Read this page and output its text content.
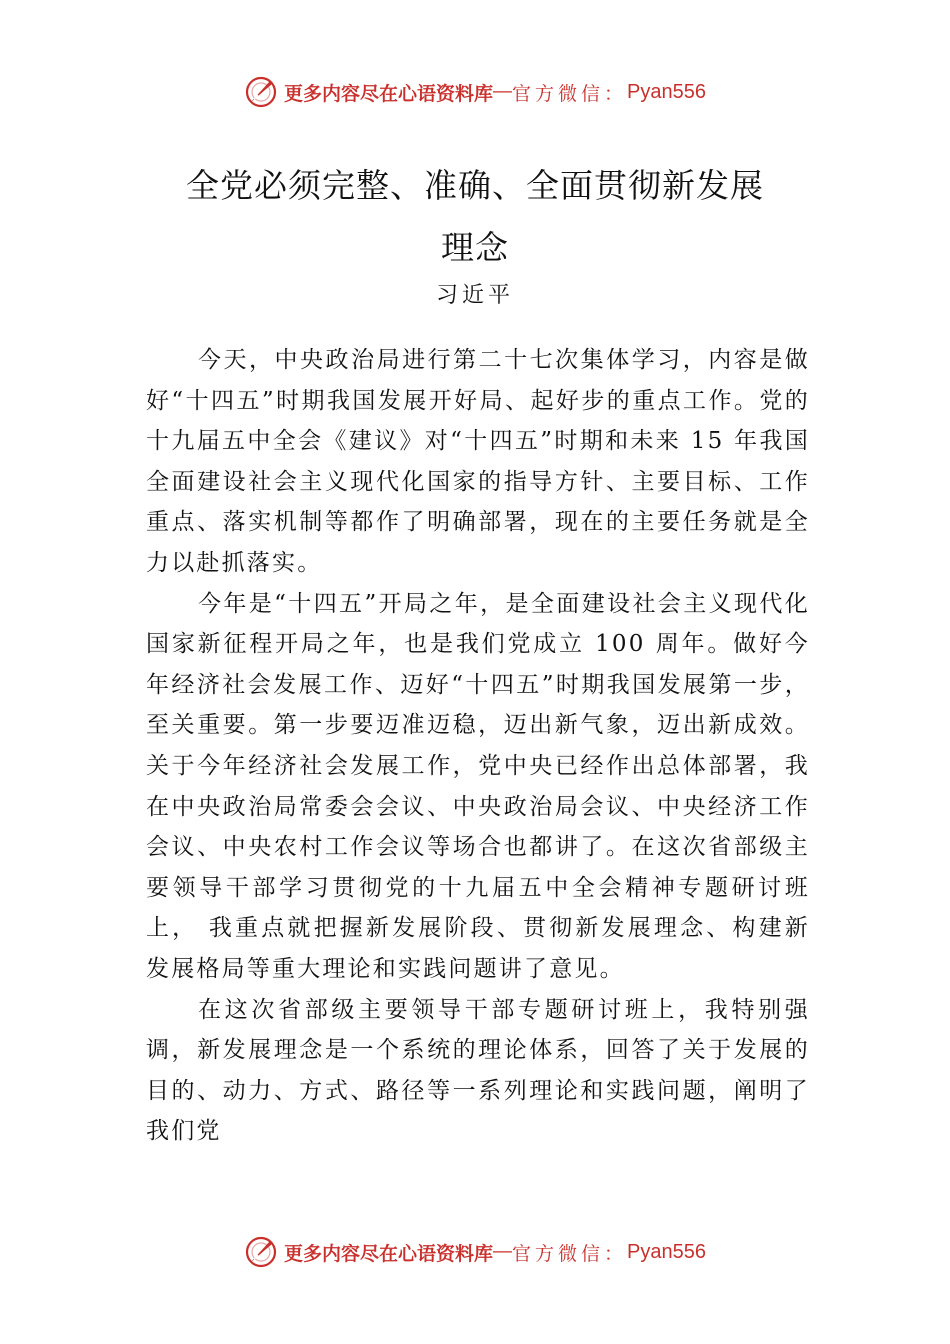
更多内容尽在心语资料库 — 官方微信： Pyan556
全党必须完整、准确、全面贯彻新发展
理念
习近平

今天，中央政治局进行第二十七次集体学习，内容是做好“十四五”时期我国发展开好局、起好步的重点工作。党的十九届五中全会《建议》对“十四五”时期和未来 15 年我国全面建设社会主义现代化国家的指导方针、主要目标、工作重点、落实机制等都作了明确部署，现在的主要任务就是全力以赴抓落实。

今年是“十四五”开局之年，是全面建设社会主义现代化国家新征程开局之年，也是我们党成立 100 周年。做好今年经济社会发展工作、迈好“十四五”时期我国发展第一步，至关重要。第一步要迈准迈稳，迈出新气象，迈出新成效。关于今年经济社会发展工作，党中央已经作出总体部署，我在中央政治局常委会会议、中央政治局会议、中央经济工作会议、中央农村工作会议等场合也都讲了。在这次省部级主要领导干部学习贯彻党的十九届五中全会精神专题研讨班上， 我重点就把握新发展阶段、贯彻新发展理念、构建新发展格局等重大理论和实践问题讲了意见。

在这次省部级主要领导干部专题研讨班上，我特别强调，新发展理念是一个系统的理论体系，回答了关于发展的目的、动力、方式、路径等一系列理论和实践问题，阐明了我们党

更多内容尽在心语资料库 — 官方微信： Pyan556
